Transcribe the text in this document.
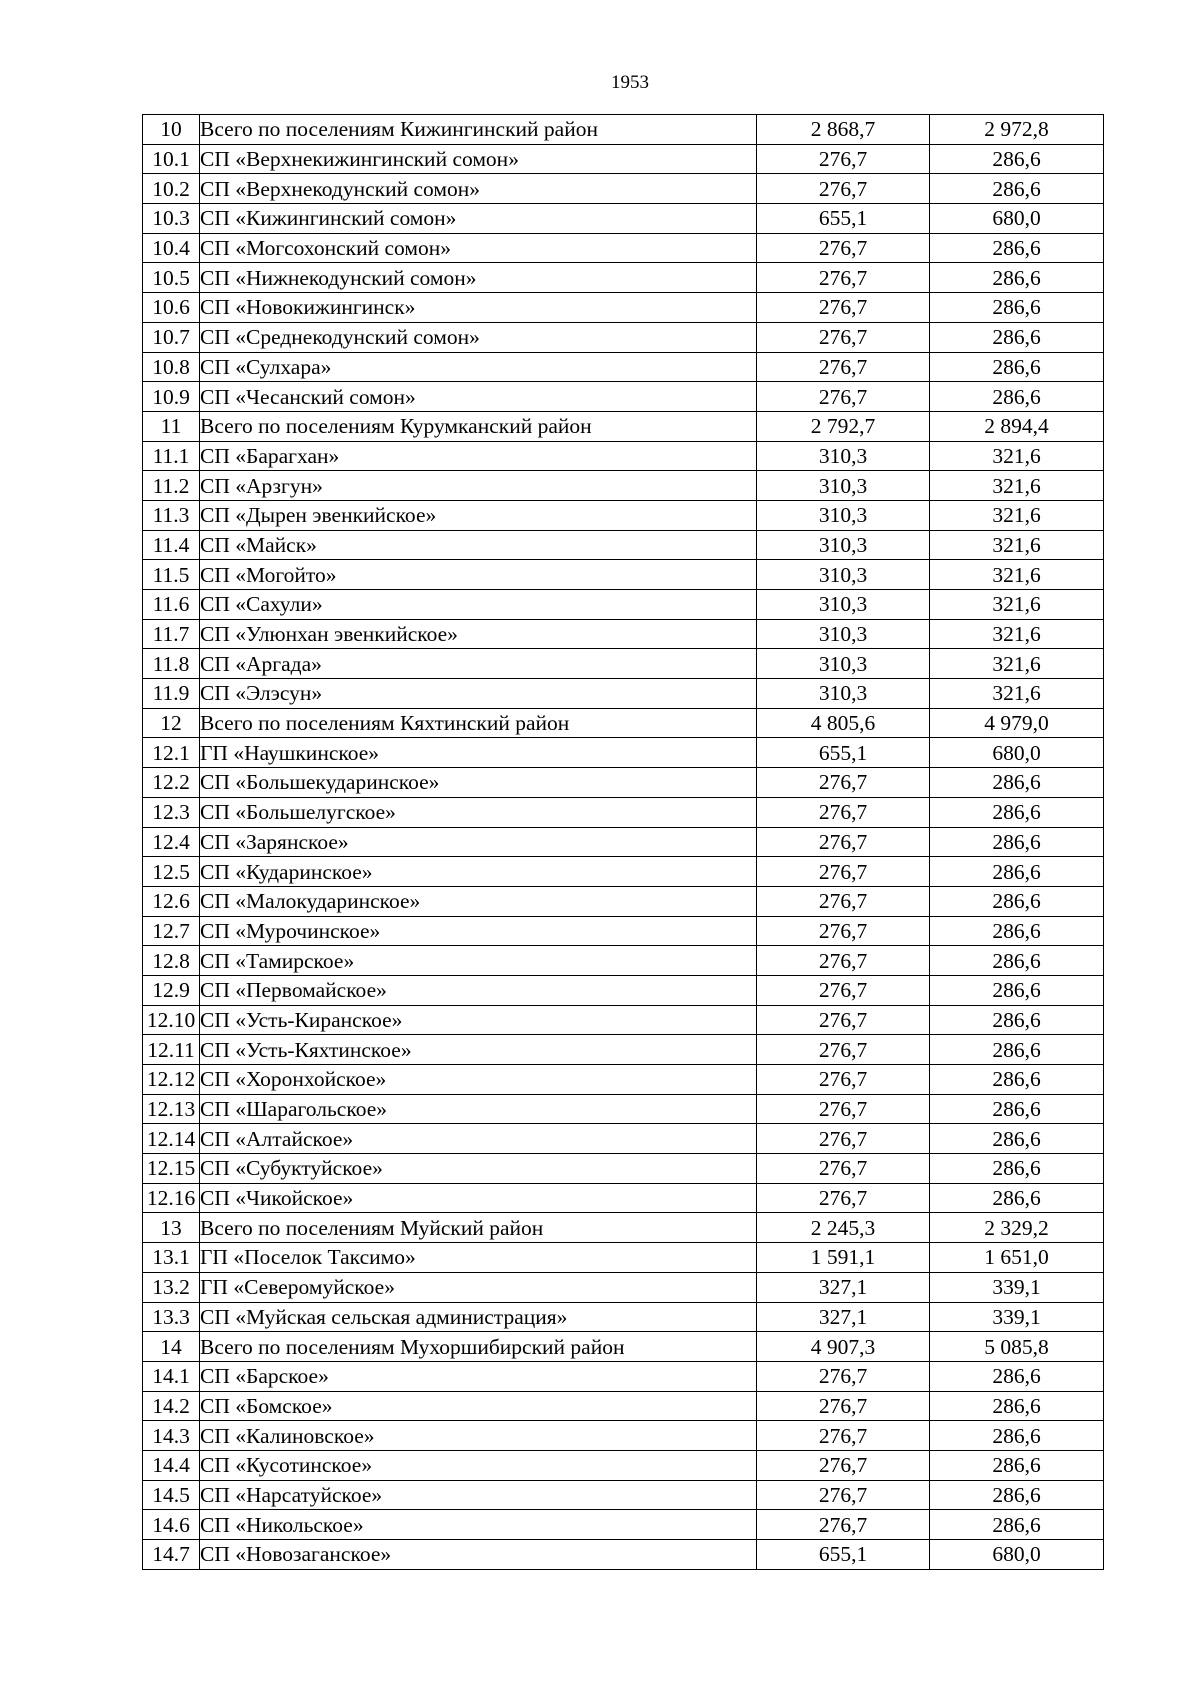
1953
10	Всего по поселениям Кижингинский район	2 868,7	2 972,8
10.1	СП «Верхнекижингинский сомон»	276,7	286,6
10.2	СП «Верхнекодунский сомон»	276,7	286,6
10.3	СП «Кижингинский сомон»	655,1	680,0
10.4	СП «Могсохонский сомон»	276,7	286,6
10.5	СП «Нижнекодунский сомон»	276,7	286,6
10.6	СП «Новокижингинск»	276,7	286,6
10.7	СП «Среднекодунский сомон»	276,7	286,6
10.8	СП «Сулхара»	276,7	286,6
10.9	СП «Чесанский сомон»	276,7	286,6
11	Всего по поселениям Курумканский район	2 792,7	2 894,4
11.1	СП «Барагхан»	310,3	321,6
11.2	СП «Арзгун»	310,3	321,6
11.3	СП «Дырен эвенкийское»	310,3	321,6
11.4	СП «Майск»	310,3	321,6
11.5	СП «Могойто»	310,3	321,6
11.6	СП «Сахули»	310,3	321,6
11.7	СП «Улюнхан эвенкийское»	310,3	321,6
11.8	СП «Аргада»	310,3	321,6
11.9	СП «Элэсун»	310,3	321,6
12	Всего по поселениям Кяхтинский район	4 805,6	4 979,0
12.1	ГП «Наушкинское»	655,1	680,0
12.2	СП «Большекударинское»	276,7	286,6
12.3	СП «Большелугское»	276,7	286,6
12.4	СП «Зарянское»	276,7	286,6
12.5	СП «Кударинское»	276,7	286,6
12.6	СП «Малокударинское»	276,7	286,6
12.7	СП «Мурочинское»	276,7	286,6
12.8	СП «Тамирское»	276,7	286,6
12.9	СП «Первомайское»	276,7	286,6
12.10	СП «Усть-Киранское»	276,7	286,6
12.11	СП «Усть-Кяхтинское»	276,7	286,6
12.12	СП «Хоронхойское»	276,7	286,6
12.13	СП «Шарагольское»	276,7	286,6
12.14	СП «Алтайское»	276,7	286,6
12.15	СП «Субуктуйское»	276,7	286,6
12.16	СП «Чикойское»	276,7	286,6
13	Всего по поселениям Муйский район	2 245,3	2 329,2
13.1	ГП «Поселок Таксимо»	1 591,1	1 651,0
13.2	ГП «Северомуйское»	327,1	339,1
13.3	СП «Муйская сельская администрация»	327,1	339,1
14	Всего по поселениям Мухоршибирский район	4 907,3	5 085,8
14.1	СП «Барское»	276,7	286,6
14.2	СП «Бомское»	276,7	286,6
14.3	СП «Калиновское»	276,7	286,6
14.4	СП «Кусотинское»	276,7	286,6
14.5	СП «Нарсатуйское»	276,7	286,6
14.6	СП «Никольское»	276,7	286,6
14.7	СП «Новозаганское»	655,1	680,0
